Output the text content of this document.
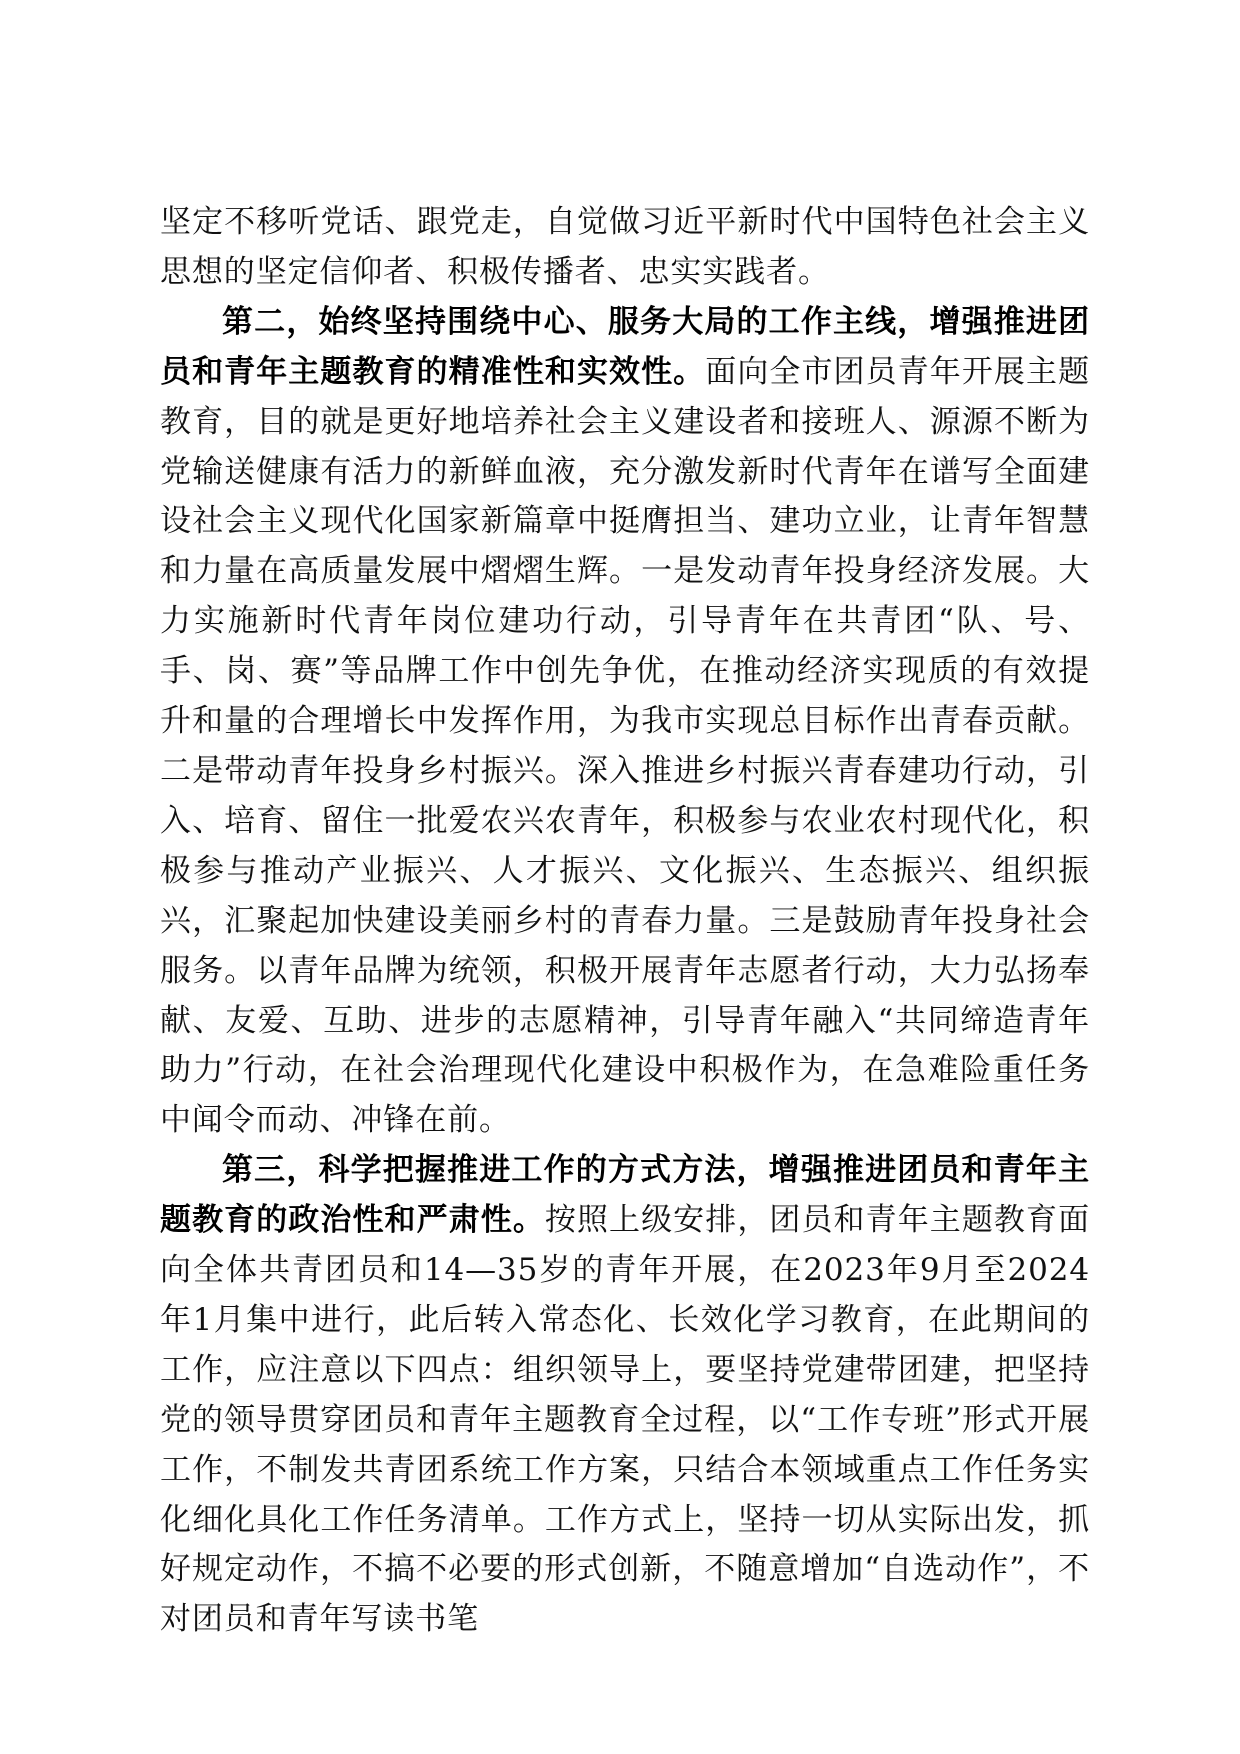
坚定不移听党话、跟党走，自觉做习近平新时代中国特色社会主义思想的坚定信仰者、积极传播者、忠实实践者。

第二，始终坚持围绕中心、服务大局的工作主线，增强推进团员和青年主题教育的精准性和实效性。面向全市团员青年开展主题教育，目的就是更好地培养社会主义建设者和接班人、源源不断为党输送健康有活力的新鲜血液，充分激发新时代青年在谱写全面建设社会主义现代化国家新篇章中挺膺担当、建功立业，让青年智慧和力量在高质量发展中熠熠生辉。一是发动青年投身经济发展。大力实施新时代青年岗位建功行动，引导青年在共青团“队、号、手、岗、赛”等品牌工作中创先争优，在推动经济实现质的有效提升和量的合理增长中发挥作用，为我市实现总目标作出青春贡献。二是带动青年投身乡村振兴。深入推进乡村振兴青春建功行动，引入、培育、留住一批爱农兴农青年，积极参与农业农村现代化，积极参与推动产业振兴、人才振兴、文化振兴、生态振兴、组织振兴，汇聚起加快建设美丽乡村的青春力量。三是鼓励青年投身社会服务。以青年品牌为统领，积极开展青年志愿者行动，大力弘扬奉献、友爱、互助、进步的志愿精神，引导青年融入“共同缔造青年助力”行动，在社会治理现代化建设中积极作为，在急难险重任务中闻令而动、冲锋在前。

第三，科学把握推进工作的方式方法，增强推进团员和青年主题教育的政治性和严肃性。按照上级安排，团员和青年主题教育面向全体共青团员和14—35岁的青年开展，在2023年9月至2024年1月集中进行，此后转入常态化、长效化学习教育，在此期间的工作，应注意以下四点：组织领导上，要坚持党建带团建，把坚持党的领导贯穿团员和青年主题教育全过程，以“工作专班”形式开展工作，不制发共青团系统工作方案，只结合本领域重点工作任务实化细化具化工作任务清单。工作方式上，坚持一切从实际出发，抓好规定动作，不搞不必要的形式创新，不随意增加“自选动作”，不对团员和青年写读书笔
